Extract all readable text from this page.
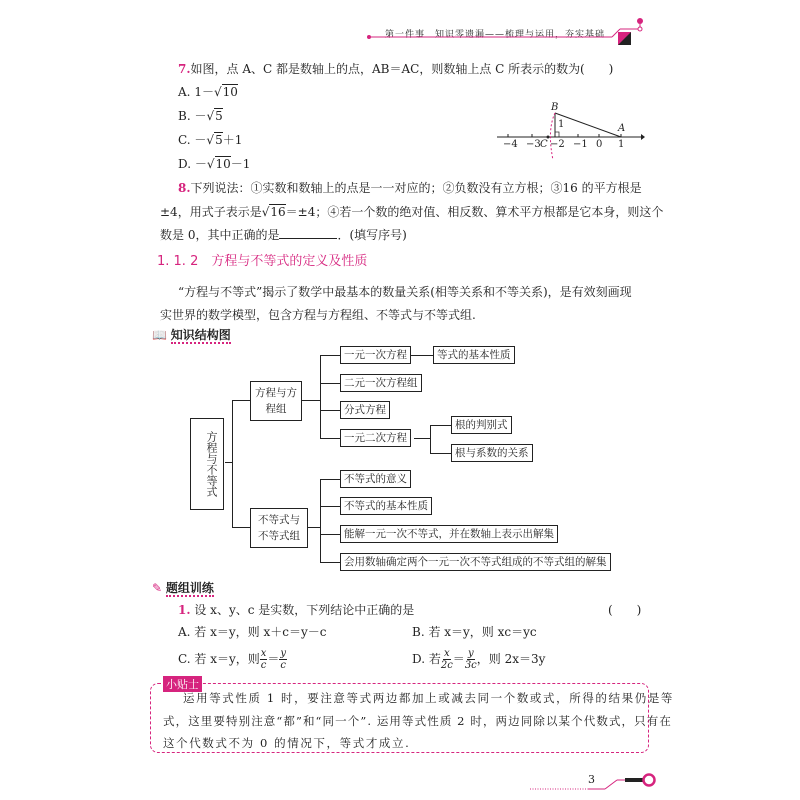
第一件事　知识零遗漏——梳理与运用，夯实基础
7.如图，点 A、C 都是数轴上的点，AB＝AC，则数轴上点 C 所表示的数为 (　　)
A. 1－√10
B. －√5
C. －√5＋1
D. －√10－1
B
A
C
1
−4 −3 −2 −1 0 1
8.下列说法：①实数和数轴上的点是一一对应的；②负数没有立方根；③16 的平方根是
±4，用式子表示是√16＝±4；④若一个数的绝对值、相反数、算术平方根都是它本身，则这个
数是 0，其中正确的是	．(填写序号)
1. 1. 2　 方程与不等式的定义及性质
“方程与不等式”揭示了数学中最基本的数量关系(相等关系和不等关系)，是有效刻画现
实世界的数学模型，包含方程与方程组、不等式与不等式组.
📖 知识结构图
方程与不等式
方程与方程组
不等式与不等式组
一元一次方程	等式的基本性质
二元一次方程组
分式方程
一元二次方程
根的判别式
根与系数的关系
不等式的意义
不等式的基本性质
能解一元一次不等式，并在数轴上表示出解集
会用数轴确定两个一元一次不等式组成的不等式组的解集
✎ 题组训练
1. 设 x、y、c 是实数，下列结论中正确的是	(　　)
A. 若 x＝y，则 x＋c＝y－c	B. 若 x＝y，则 xc＝yc
C. 若 x＝y，则 $\frac{x}{c} = \frac{y}{c}$	D. 若 $\frac{x}{2c} = \frac{y}{3c}$ ，则 2x＝3y
小贴士
运用等式性质 1 时，要注意等式两边都加上或减去同一个数或式，所得的结果仍是等
式，这里要特别注意“都”和“同一个”. 运用等式性质 2 时，两边同除以某个代数式，只有在
这个代数式不为 0 的情况下，等式才成立.
3
